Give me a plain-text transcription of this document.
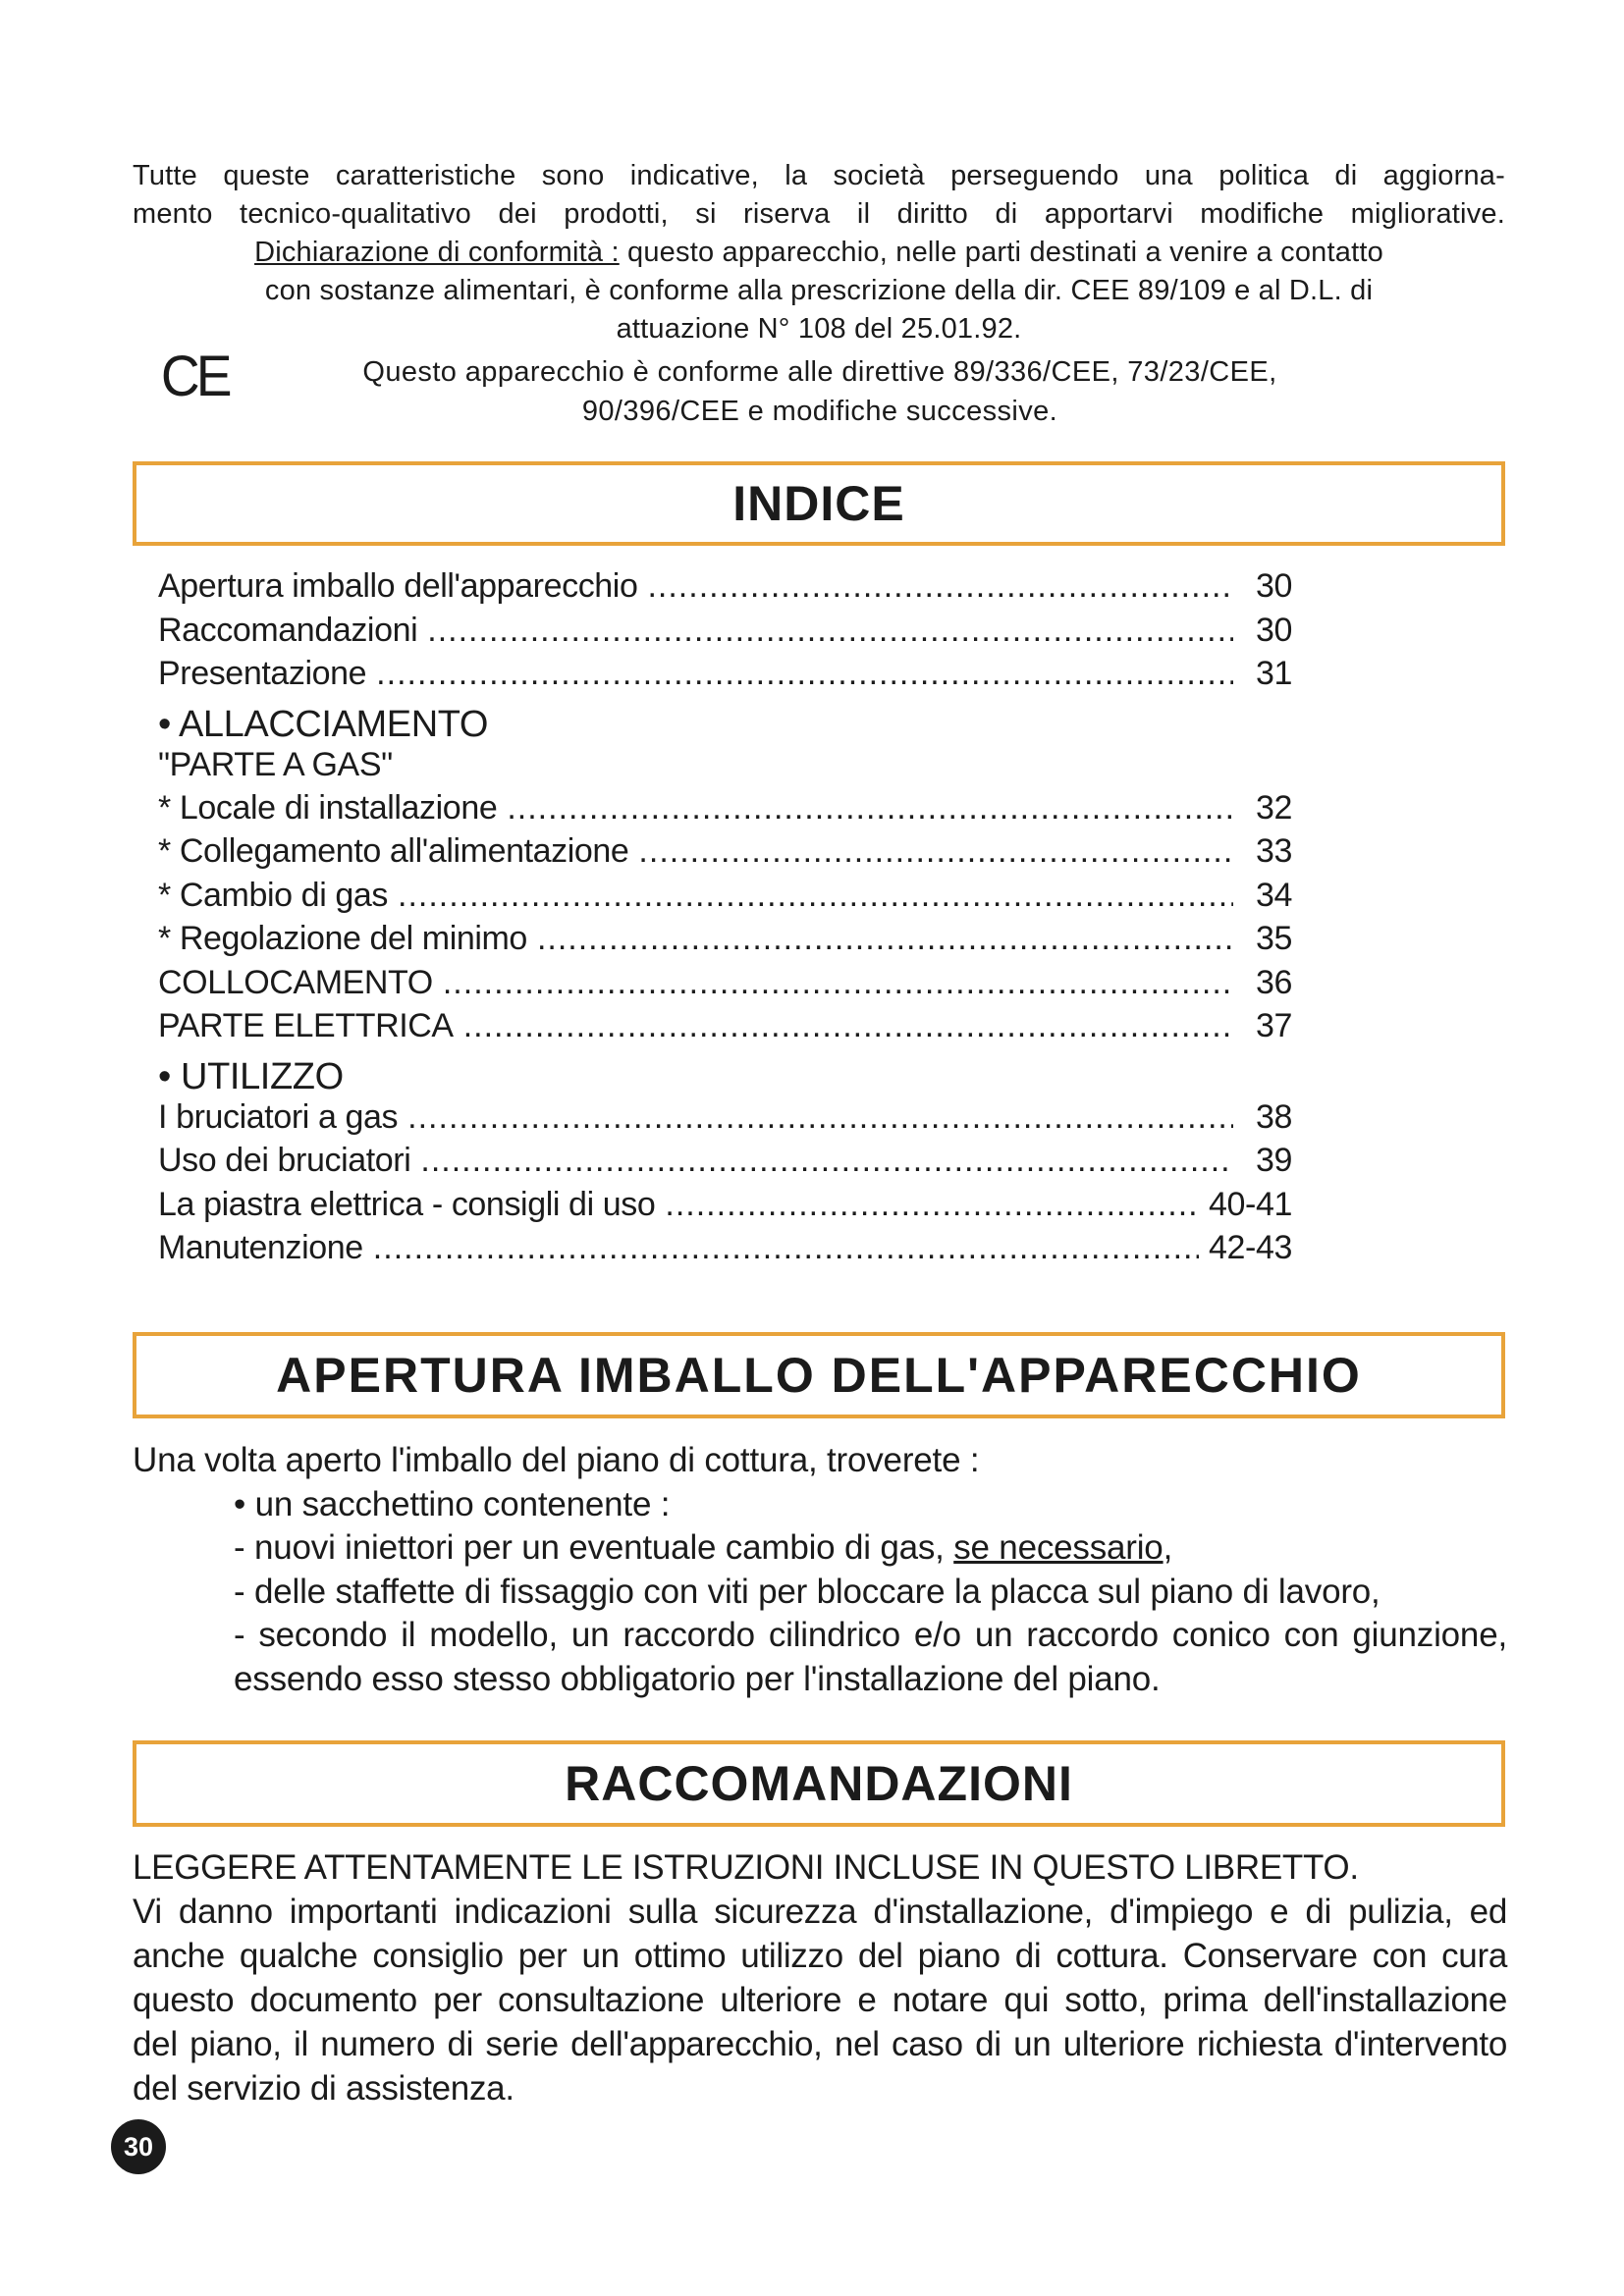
Tutte queste caratteristiche sono indicative, la società perseguendo una politica di aggiorna-

mento tecnico-qualitativo dei prodotti, si riserva il diritto di apportarvi modifiche migliorative.

Dichiarazione di conformità : questo apparecchio, nelle parti destinati a venire a contatto

con sostanze alimentari, è conforme alla prescrizione della dir. CEE 89/109 e al D.L. di

attuazione N° 108 del 25.01.92.

CE	Questo apparecchio è conforme alle direttive 89/336/CEE, 73/23/CEE,
90/396/CEE e modifiche successive.
INDICE
Apertura imballo dell'apparecchio .....	30
Raccomandazioni .....	30
Presentazione .....	31
• ALLACCIAMENTO
"PARTE A GAS"
* Locale di installazione .....	32
* Collegamento all'alimentazione .....	33
* Cambio di gas .....	34
* Regolazione del minimo .....	35
COLLOCAMENTO .....	36
PARTE ELETTRICA .....	37
• UTILIZZO
I bruciatori a gas .....	38
Uso dei bruciatori .....	39
La piastra elettrica - consigli di uso .....	40-41
Manutenzione .....	42-43
APERTURA IMBALLO DELL'APPARECCHIO

Una volta aperto l'imballo del piano di cottura, troverete :

• un sacchettino contenente :

- nuovi iniettori per un eventuale cambio di gas, se necessario,

- delle staffette di fissaggio con viti per bloccare la placca sul piano di lavoro,

- secondo il modello, un raccordo cilindrico e/o un raccordo conico con giunzione,

essendo esso stesso obbligatorio per l'installazione del piano.

RACCOMANDAZIONI

LEGGERE ATTENTAMENTE LE ISTRUZIONI INCLUSE IN QUESTO LIBRETTO.

Vi danno importanti indicazioni sulla sicurezza d'installazione, d'impiego e di pulizia, ed

anche qualche consiglio per un ottimo utilizzo del piano di cottura. Conservare con cura

questo documento per consultazione ulteriore e notare qui sotto, prima dell'installazione

del piano, il numero di serie dell'apparecchio, nel caso di un ulteriore richiesta d'intervento

del servizio di assistenza.

30
